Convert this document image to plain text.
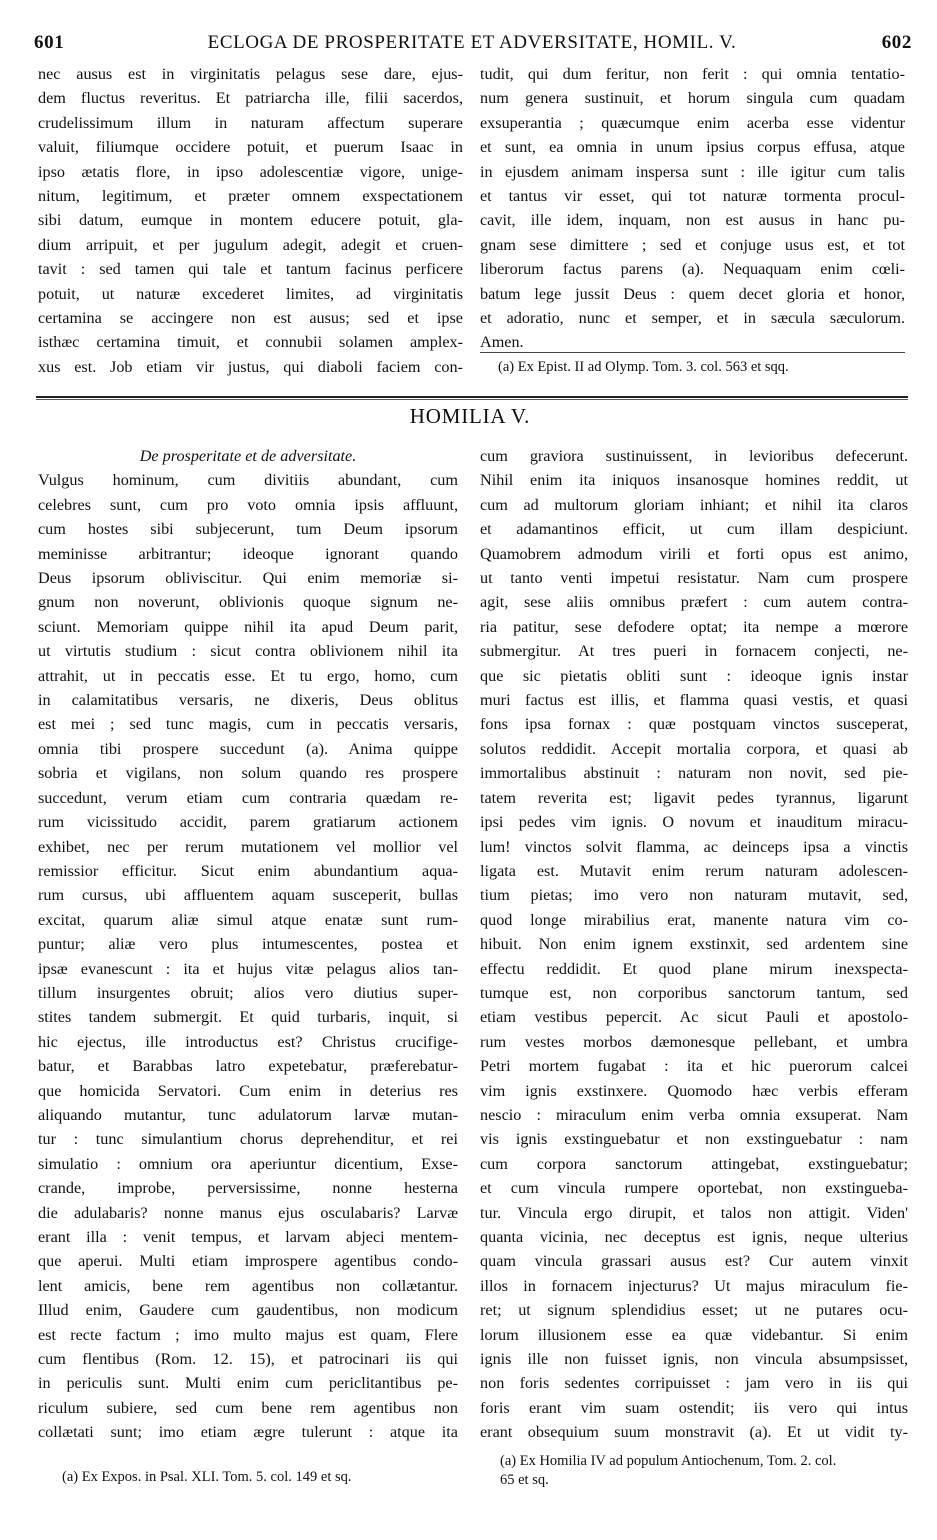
601	ECLOGA DE PROSPERITATE ET ADVERSITATE, HOMIL. V.	602
nec ausus est in virginitatis pelagus sese dare, ejus-
dem fluctus reveritus. Et patriarcha ille, filii sacerdos,
crudelissimum illum in naturam affectum superare
valuit, filiumque occidere potuit, et puerum Isaac in
ipso ætatis flore, in ipso adolescentiæ vigore, unige-
nitum, legitimum, et præter omnem exspectationem
sibi datum, eumque in montem educere potuit, gla-
dium arripuit, et per jugulum adegit, adegit et cruen-
tavit : sed tamen qui tale et tantum facinus perficere
potuit, ut naturæ excederet limites, ad virginitatis
certamina se accingere non est ausus; sed et ipse
isthæc certamina timuit, et connubii solamen amplex-
xus est. Job etiam vir justus, qui diaboli faciem con-
tudit, qui dum feritur, non ferit : qui omnia tentatio-
num genera sustinuit, et horum singula cum quadam
exsuperantia ; quæcumque enim acerba esse videntur
et sunt, ea omnia in unum ipsius corpus effusa, atque
in ejusdem animam inspersa sunt : ille igitur cum talis
et tantus vir esset, qui tot naturæ tormenta procul-
cavit, ille idem, inquam, non est ausus in hanc pu-
gnam sese dimittere ; sed et conjuge usus est, et tot
liberorum factus parens (a). Nequaquam enim cœli-
batum lege jussit Deus : quem decet gloria et honor,
et adoratio, nunc et semper, et in sæcula sæculorum.
Amen.
(a) Ex Epist. II ad Olymp. Tom. 3. col. 563 et sqq.
HOMILIA V.
De prosperitate et de adversitate.
Vulgus hominum, cum divitiis abundant, cum
celebres sunt, cum pro voto omnia ipsis affluunt,
cum hostes sibi subjecerunt, tum Deum ipsorum
meminisse arbitrantur; ideoque ignorant quando
Deus ipsorum obliviscitur. Qui enim memoriæ si-
gnum non noverunt, oblivionis quoque signum ne-
sciunt. Memoriam quippe nihil ita apud Deum parit,
ut virtutis studium : sicut contra oblivionem nihil ita
attrahit, ut in peccatis esse. Et tu ergo, homo, cum
in calamitatibus versaris, ne dixeris, Deus oblitus
est mei ; sed tunc magis, cum in peccatis versaris,
omnia tibi prospere succedunt (a). Anima quippe
sobria et vigilans, non solum quando res prospere
succedunt, verum etiam cum contraria quædam re-
rum vicissitudo accidit, parem gratiarum actionem
exhibet, nec per rerum mutationem vel mollior vel
remissior efficitur. Sicut enim abundantium aqua-
rum cursus, ubi affluentem aquam susceperit, bullas
excitat, quarum aliæ simul atque enatæ sunt rum-
puntur; aliæ vero plus intumescentes, postea et
ipsæ evanescunt : ita et hujus vitæ pelagus alios tan-
tillum insurgentes obruit; alios vero diutius super-
stites tandem submergit. Et quid turbaris, inquit, si
hic ejectus, ille introductus est? Christus crucifige-
batur, et Barabbas latro expetebatur, præferebatur-
que homicida Servatori. Cum enim in deterius res
aliquando mutantur, tunc adulatorum larvæ mutan-
tur : tunc simulantium chorus deprehenditur, et rei
simulatio : omnium ora aperiuntur dicentium, Exse-
crande, improbe, perversissime, nonne hesterna
die adulabaris? nonne manus ejus osculabaris? Larvæ
erant illa : venit tempus, et larvam abjeci mentem-
que aperui. Multi etiam improspere agentibus condo-
lent amicis, bene rem agentibus non collætantur.
Illud enim, Gaudere cum gaudentibus, non modicum
est recte factum ; imo multo majus est quam, Flere
cum flentibus (Rom. 12. 15), et patrocinari iis qui
in periculis sunt. Multi enim cum periclitantibus pe-
riculum subiere, sed cum bene rem agentibus non
collætati sunt; imo etiam ægre tulerunt : atque ita
cum graviora sustinuissent, in levioribus defecerunt.
Nihil enim ita iniquos insanosque homines reddit, ut
cum ad multorum gloriam inhiant; et nihil ita claros
et adamantinos efficit, ut cum illam despiciunt.
Quamobrem admodum virili et forti opus est animo,
ut tanto venti impetui resistatur. Nam cum prospere
agit, sese aliis omnibus præfert : cum autem contra-
ria patitur, sese defodere optat; ita nempe a mœrore
submergitur. At tres pueri in fornacem conjecti, ne-
que sic pietatis obliti sunt : ideoque ignis instar
muri factus est illis, et flamma quasi vestis, et quasi
fons ipsa fornax : quæ postquam vinctos susceperat,
solutos reddidit. Accepit mortalia corpora, et quasi ab
immortalibus abstinuit : naturam non novit, sed pie-
tatem reverita est; ligavit pedes tyrannus, ligarunt
ipsi pedes vim ignis. O novum et inauditum miracu-
lum! vinctos solvit flamma, ac deinceps ipsa a vinctis
ligata est. Mutavit enim rerum naturam adolescen-
tium pietas; imo vero non naturam mutavit, sed,
quod longe mirabilius erat, manente natura vim co-
hibuit. Non enim ignem exstinxit, sed ardentem sine
effectu reddidit. Et quod plane mirum inexspecta-
tumque est, non corporibus sanctorum tantum, sed
etiam vestibus pepercit. Ac sicut Pauli et apostolo-
rum vestes morbos dæmonesque pellebant, et umbra
Petri mortem fugabat : ita et hic puerorum calcei
vim ignis exstinxere. Quomodo hæc verbis efferam
nescio : miraculum enim verba omnia exsuperat. Nam
vis ignis exstinguebatur et non exstinguebatur : nam
cum corpora sanctorum attingebat, exstinguebatur;
et cum vincula rumpere oportebat, non exstingueba-
tur. Vincula ergo dirupit, et talos non attigit. Viden'
quanta vicinia, nec deceptus est ignis, neque ulterius
quam vincula grassari ausus est? Cur autem vinxit
illos in fornacem injecturus? Ut majus miraculum fie-
ret; ut signum splendidius esset; ut ne putares ocu-
lorum illusionem esse ea quæ videbantur. Si enim
ignis ille non fuisset ignis, non vincula absumpsisset,
non foris sedentes corripuisset : jam vero in iis qui
foris erant vim suam ostendit; iis vero qui intus
erant obsequium suum monstravit (a). Et ut vidit ty-
(a) Ex Expos. in Psal. XLI. Tom. 5. col. 149 et sq.
(a) Ex Homilia IV ad populum Antiochenum, Tom. 2. col.
65 et sq.
